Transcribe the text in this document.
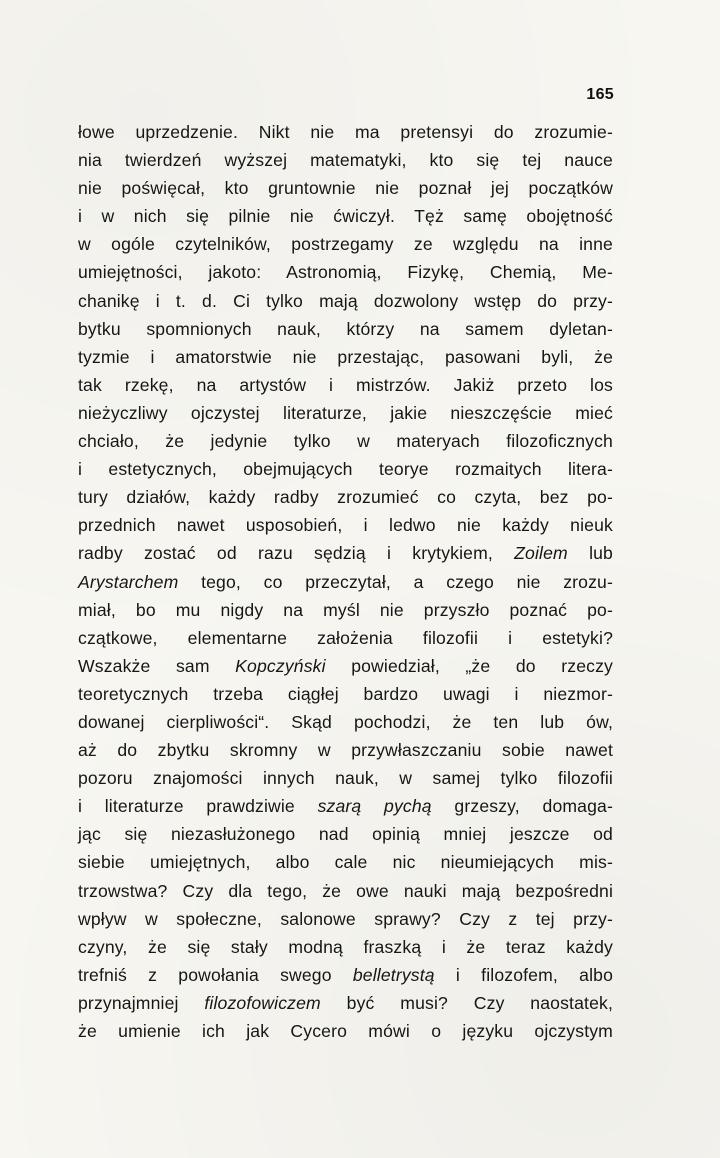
165
łowe uprzedzenie. Nikt nie ma pretensyi do zrozumie-
nia twierdzeń wyższej matematyki, kto się tej nauce
nie poświęcał, kto gruntownie nie poznał jej początków
i w nich się pilnie nie ćwiczył. Tęż samę obojętność
w ogóle czytelników, postrzegamy ze względu na inne
umiejętności, jakoto: Astronomią, Fizykę, Chemią, Me-
chanikę i t. d. Ci tylko mają dozwolony wstęp do przy-
bytku spomnionych nauk, którzy na samem dyletan-
tyzmie i amatorstwie nie przestając, pasowani byli, że
tak rzekę, na artystów i mistrzów. Jakiż przeto los
nieżyczliwy ojczystej literaturze, jakie nieszczęście mieć
chciało, że jedynie tylko w materyach filozoficznych
i estetycznych, obejmujących teorye rozmaitych litera-
tury działów, każdy radby zrozumieć co czyta, bez po-
przednich nawet usposobień, i ledwo nie każdy nieuk
radby zostać od razu sędzią i krytykiem, Zoilem lub
Arystarchem tego, co przeczytał, a czego nie zrozu-
miał, bo mu nigdy na myśl nie przyszło poznać po-
czątkowe, elementarne założenia filozofii i estetyki?
Wszakże sam Kopczyński powiedział, „że do rzeczy
teoretycznych trzeba ciągłej bardzo uwagi i niezmor-
dowanej cierpliwości“. Skąd pochodzi, że ten lub ów,
aż do zbytku skromny w przywłaszczaniu sobie nawet
pozoru znajomości innych nauk, w samej tylko filozofii
i literaturze prawdziwie szarą pychą grzeszy, domaga-
jąc się niezasłużonego nad opinią mniej jeszcze od
siebie umiejętnych, albo cale nic nieumiejących mis-
trzowstwa? Czy dla tego, że owe nauki mają bezpośredni
wpływ w społeczne, salonowe sprawy? Czy z tej przy-
czyny, że się stały modną fraszką i że teraz każdy
trefniś z powołania swego belletrystą i filozofem, albo
przynajmniej filozofowiczem być musi? Czy naostatek,
że umienie ich jak Cycero mówi o języku ojczystym
